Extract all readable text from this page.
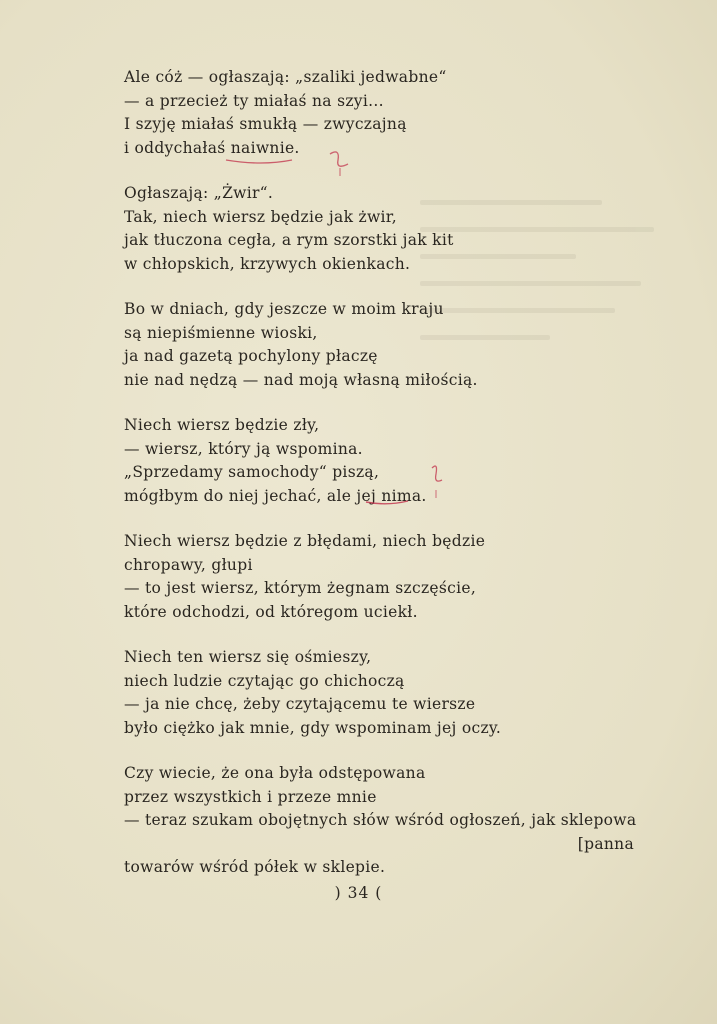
Ale cóż — ogłaszają: „szaliki jedwabne“
— a przecież ty miałaś na szyi...
I szyję miałaś smukłą — zwyczajną
i oddychałaś naiwnie.
Ogłaszają: „Żwir“.
Tak, niech wiersz będzie jak żwir,
jak tłuczona cegła, a rym szorstki jak kit
w chłopskich, krzywych okienkach.
Bo w dniach, gdy jeszcze w moim kraju
są niepiśmienne wioski,
ja nad gazetą pochylony płaczę
nie nad nędzą — nad moją własną miłością.
Niech wiersz będzie zły,
— wiersz, który ją wspomina.
„Sprzedamy samochody“ piszą,
mógłbym do niej jechać, ale jej nima.
Niech wiersz będzie z błędami, niech będzie
chropawy, głupi
— to jest wiersz, którym żegnam szczęście,
które odchodzi, od któregom uciekł.
Niech ten wiersz się ośmieszy,
niech ludzie czytając go chichoczą
— ja nie chcę, żeby czytającemu te wiersze
było ciężko jak mnie, gdy wspominam jej oczy.
Czy wiecie, że ona była odstępowana
przez wszystkich i przeze mnie
— teraz szukam obojętnych słów wśród ogłoszeń, jak sklepowa
[panna
towarów wśród półek w sklepie.
) 34 (
